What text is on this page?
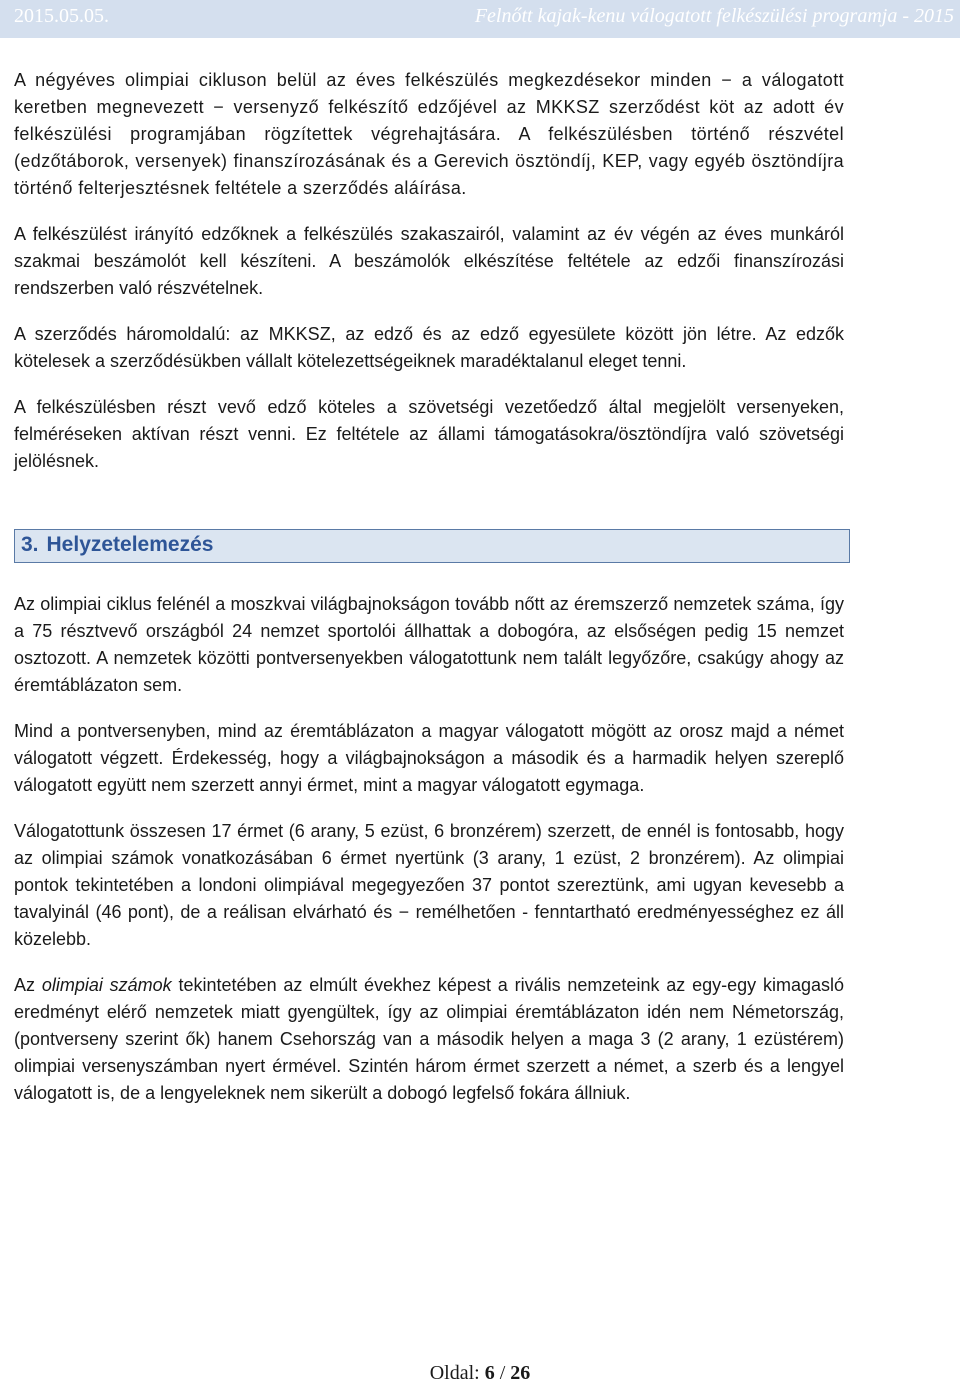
2015.05.05.	Felnőtt kajak-kenu válogatott felkészülési programja - 2015

A négyéves olimpiai cikluson belül az éves felkészülés megkezdésekor minden − a válogatott keretben megnevezett − versenyző felkészítő edzőjével az MKKSZ szerződést köt az adott év felkészülési programjában rögzítettek végrehajtására. A felkészülésben történő részvétel (edzőtáborok, versenyek) finanszírozásának és a Gerevich ösztöndíj, KEP, vagy egyéb ösztöndíjra történő felterjesztésnek feltétele a szerződés aláírása.

A felkészülést irányító edzőknek a felkészülés szakaszairól, valamint az év végén az éves munkáról szakmai beszámolót kell készíteni. A beszámolók elkészítése feltétele az edzői finanszírozási rendszerben való részvételnek.

A szerződés háromoldalú: az MKKSZ, az edző és az edző egyesülete között jön létre. Az edzők kötelesek a szerződésükben vállalt kötelezettségeiknek maradéktalanul eleget tenni.

A felkészülésben részt vevő edző köteles a szövetségi vezetőedző által megjelölt versenyeken, felméréseken aktívan részt venni. Ez feltétele az állami támogatásokra/ösztöndíjra való szövetségi jelölésnek.

3. Helyzetelemezés

Az olimpiai ciklus felénél a moszkvai világbajnokságon tovább nőtt az éremszerző nemzetek száma, így a 75 résztvevő országból 24 nemzet sportolói állhattak a dobogóra, az elsőségen pedig 15 nemzet osztozott. A nemzetek közötti pontversenyekben válogatottunk nem talált legyőzőre, csakúgy ahogy az éremtáblázaton sem.

Mind a pontversenyben, mind az éremtáblázaton a magyar válogatott mögött az orosz majd a német válogatott végzett. Érdekesség, hogy a világbajnokságon a második és a harmadik helyen szereplő válogatott együtt nem szerzett annyi érmet, mint a magyar válogatott egymaga.

Válogatottunk összesen 17 érmet (6 arany, 5 ezüst, 6 bronzérem) szerzett, de ennél is fontosabb, hogy az olimpiai számok vonatkozásában 6 érmet nyertünk (3 arany, 1 ezüst, 2 bronzérem). Az olimpiai pontok tekintetében a londoni olimpiával megegyezően 37 pontot szereztünk, ami ugyan kevesebb a tavalyinál (46 pont), de a reálisan elvárható és − remélhetően - fenntartható eredményességhez ez áll közelebb.

Az olimpiai számok tekintetében az elmúlt évekhez képest a rivális nemzeteink az egy-egy kimagasló eredményt elérő nemzetek miatt gyengültek, így az olimpiai éremtáblázaton idén nem Németország, (pontverseny szerint ők) hanem Csehország van a második helyen a maga 3 (2 arany, 1 ezüstérem) olimpiai versenyszámban nyert érmével. Szintén három érmet szerzett a német, a szerb és a lengyel válogatott is, de a lengyeleknek nem sikerült a dobogó legfelső fokára állniuk.

Oldal: 6 / 26
